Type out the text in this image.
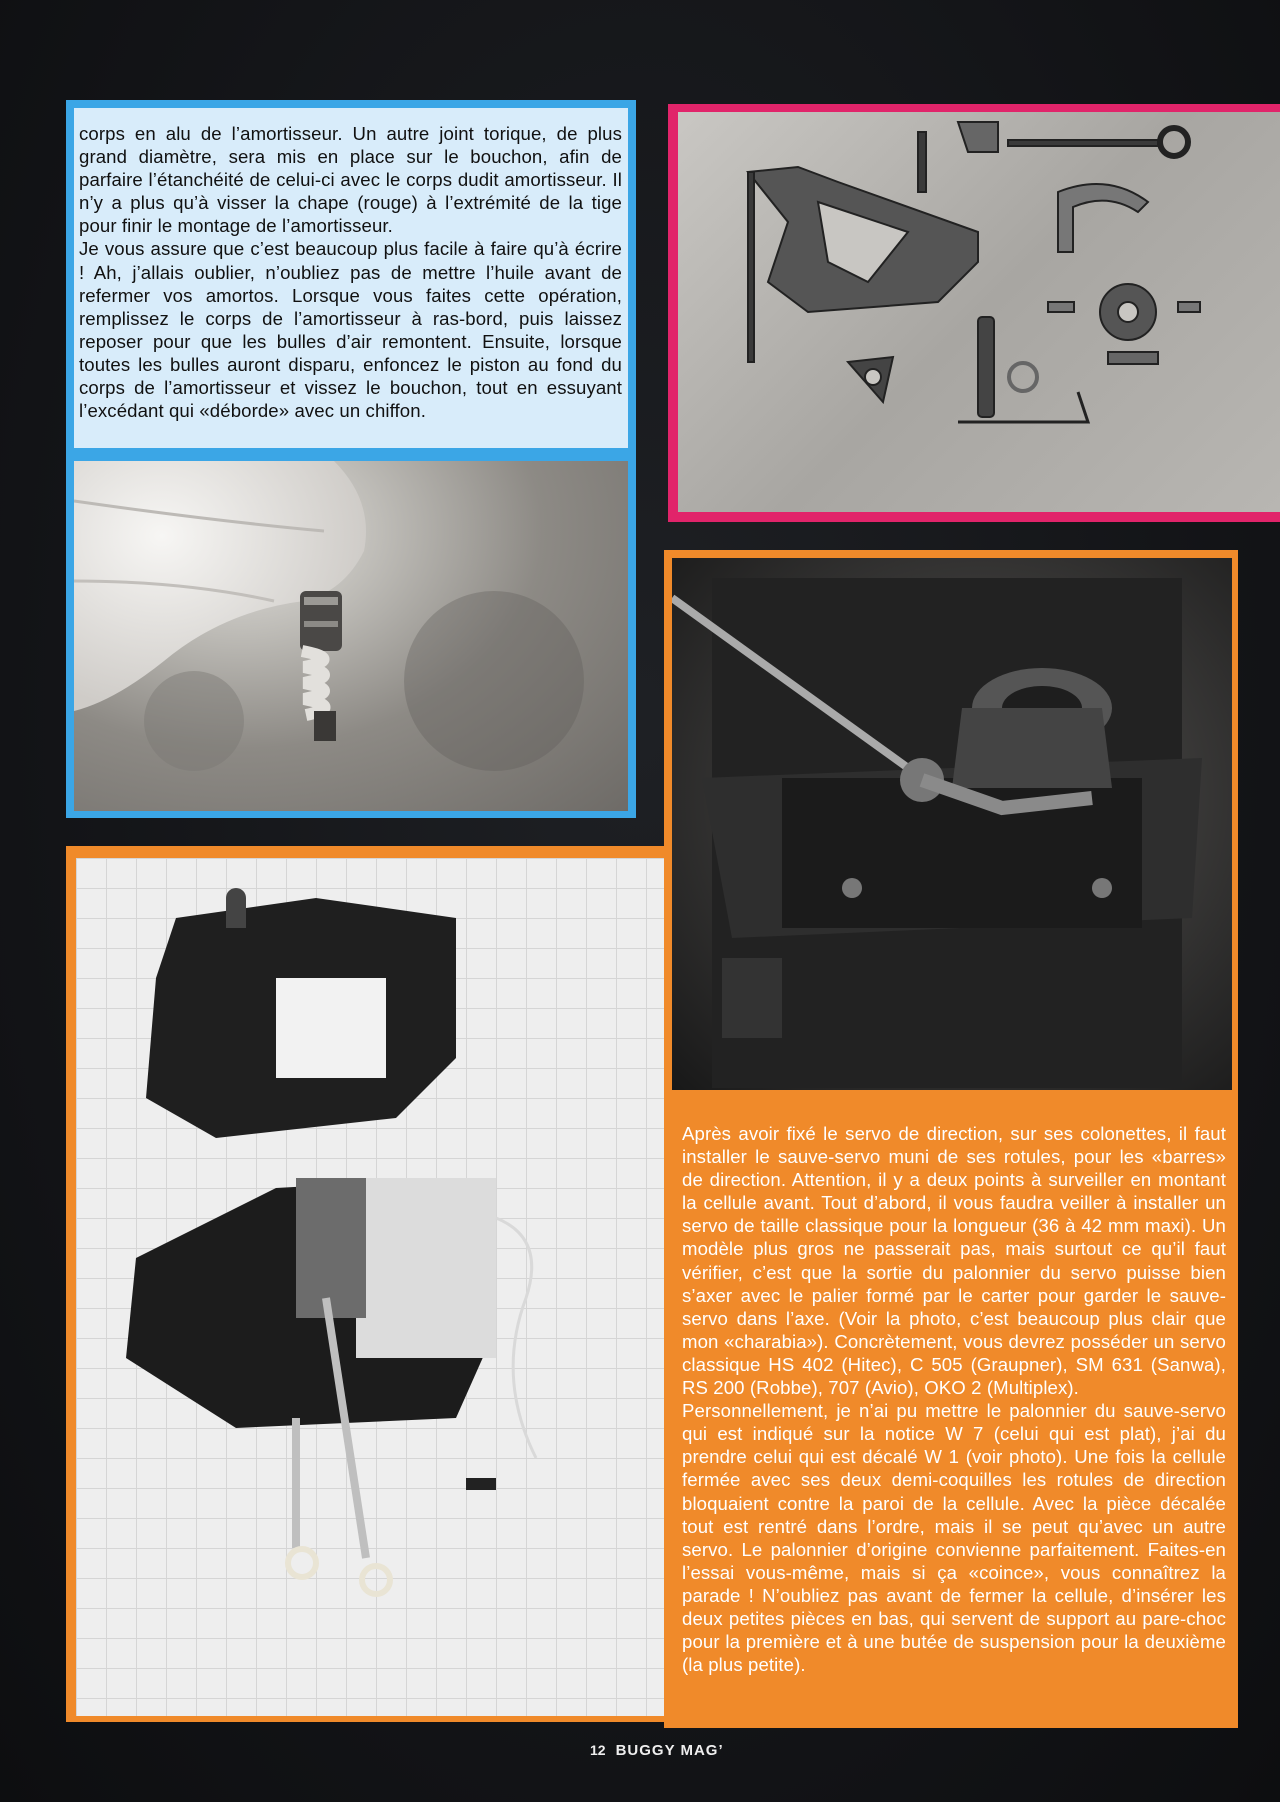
corps en alu de l’amortisseur. Un autre joint torique, de plus grand diamètre, sera mis en place sur le bouchon, afin de parfaire l’étanchéité de celui-ci avec le corps dudit amortisseur. Il n’y a plus qu’à visser la chape (rouge) à l’extrémité de la tige pour finir le montage de l’amortisseur.

Je vous assure que c’est beaucoup plus facile à faire qu’à écrire ! Ah, j’allais oublier, n’oubliez pas de mettre l’huile avant de refermer vos amortos. Lorsque vous faites cette opération, remplissez le corps de l’amortisseur à ras-bord, puis laissez reposer pour que les bulles d’air remontent. Ensuite, lorsque toutes les bulles auront disparu, enfoncez le piston au fond du corps de l’amortisseur et vissez le bouchon, tout en essuyant l’excédant qui «déborde» avec un chiffon.

Après avoir fixé le servo de direction, sur ses colonettes, il faut installer le sauve-servo muni de ses rotules, pour les «barres» de direction. Attention, il y a deux points à surveiller en montant la cellule avant. Tout d’abord, il vous faudra veiller à installer un servo de taille classique pour la longueur (36 à 42 mm maxi). Un modèle plus gros ne passerait pas, mais surtout ce qu’il faut vérifier, c’est que la sortie du palonnier du servo puisse bien s’axer avec le palier formé par le carter pour garder le sauve-servo dans l’axe. (Voir la photo, c’est beaucoup plus clair que mon «charabia»). Concrètement, vous devrez posséder un servo classique HS 402 (Hitec), C 505 (Graupner), SM 631 (Sanwa), RS 200 (Robbe), 707 (Avio), OKO 2 (Multiplex).

Personnellement, je n’ai pu mettre le palonnier du sauve-servo qui est indiqué sur la notice W 7 (celui qui est plat), j’ai du prendre celui qui est décalé W 1 (voir photo). Une fois la cellule fermée avec ses deux demi-coquilles les rotules de direction bloquaient contre la paroi de la cellule. Avec la pièce décalée tout est rentré dans l’ordre, mais il se peut qu’avec un autre servo. Le palonnier d’origine convienne parfaitement. Faites-en l’essai vous-même, mais si ça «coince», vous connaîtrez la parade ! N’oubliez pas avant de fermer la cellule, d’insérer les deux petites pièces en bas, qui servent de support au pare-choc pour la première et à une butée de suspension pour la deuxième (la plus petite).

12 BUGGY MAG’
